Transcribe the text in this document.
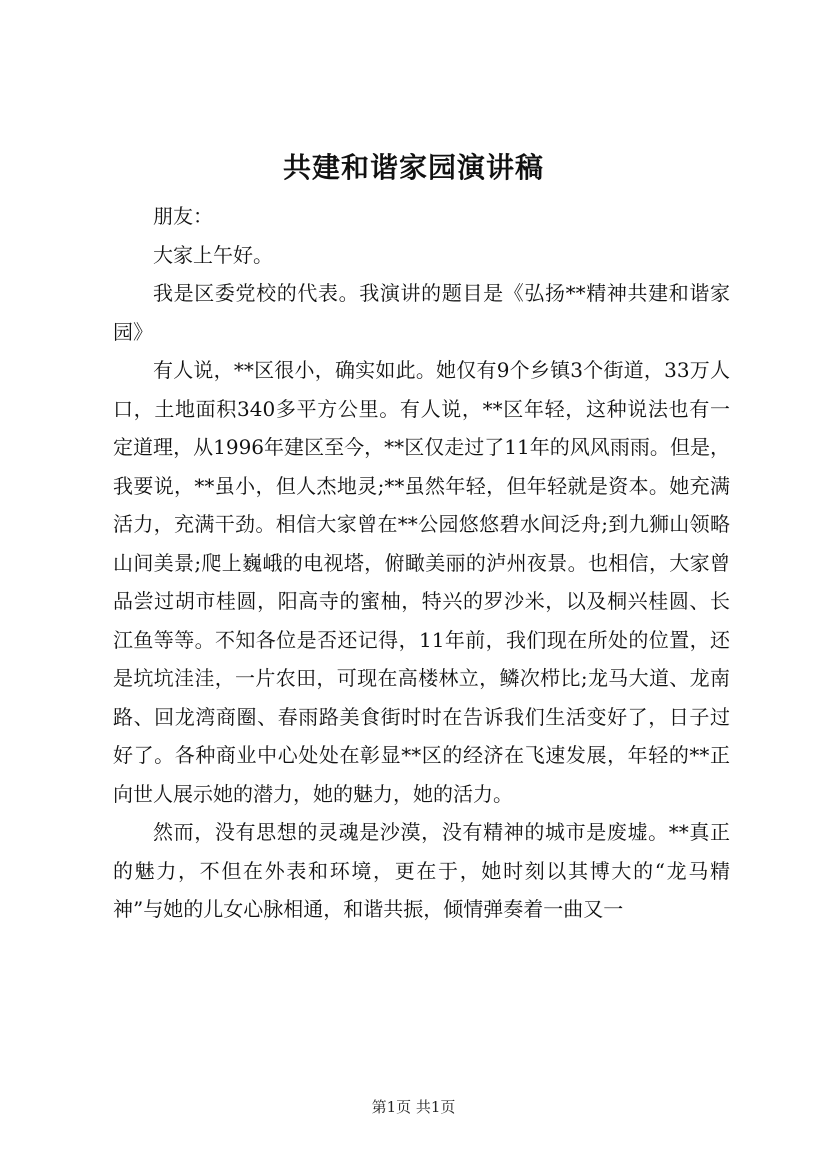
共建和谐家园演讲稿

朋友：

大家上午好。

我是区委党校的代表。我演讲的题目是《弘扬**精神共建和谐家园》

有人说，**区很小，确实如此。她仅有9个乡镇3个街道，33万人口，土地面积340多平方公里。有人说，**区年轻，这种说法也有一定道理，从1996年建区至今，**区仅走过了11年的风风雨雨。但是，我要说，**虽小，但人杰地灵;**虽然年轻，但年轻就是资本。她充满活力，充满干劲。相信大家曾在**公园悠悠碧水间泛舟;到九狮山领略山间美景;爬上巍峨的电视塔，俯瞰美丽的泸州夜景。也相信，大家曾品尝过胡市桂圆，阳高寺的蜜柚，特兴的罗沙米，以及桐兴桂圆、长江鱼等等。不知各位是否还记得，11年前，我们现在所处的位置，还是坑坑洼洼，一片农田，可现在高楼林立，鳞次栉比;龙马大道、龙南路、回龙湾商圈、春雨路美食街时时在告诉我们生活变好了，日子过好了。各种商业中心处处在彰显**区的经济在飞速发展，年轻的**正向世人展示她的潜力，她的魅力，她的活力。

然而，没有思想的灵魂是沙漠，没有精神的城市是废墟。**真正的魅力，不但在外表和环境，更在于，她时刻以其博大的“龙马精神”与她的儿女心脉相通，和谐共振，倾情弹奏着一曲又一

第1页 共1页
